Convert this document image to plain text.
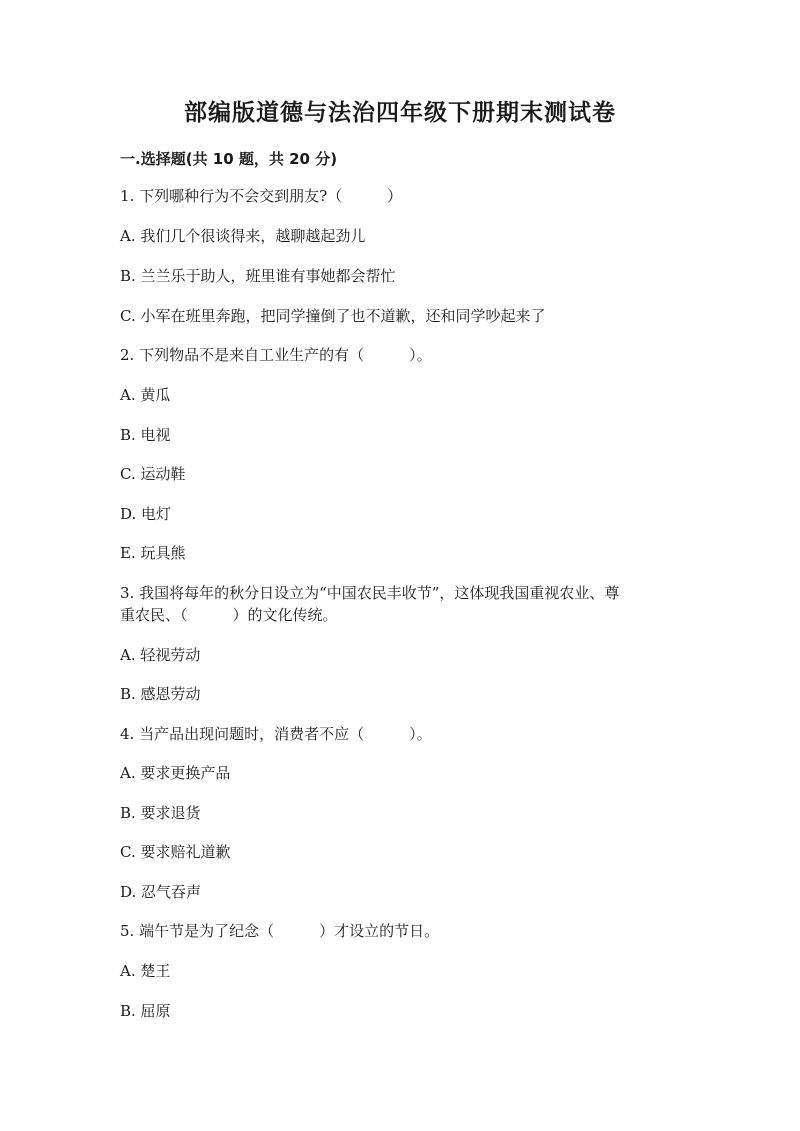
部编版道德与法治四年级下册期末测试卷
一.选择题(共 10 题，共 20 分)
1. 下列哪种行为不会交到朋友?（　　　）
A. 我们几个很谈得来，越聊越起劲儿
B. 兰兰乐于助人，班里谁有事她都会帮忙
C. 小军在班里奔跑，把同学撞倒了也不道歉，还和同学吵起来了
2. 下列物品不是来自工业生产的有（　　　）。
A. 黄瓜
B. 电视
C. 运动鞋
D. 电灯
E. 玩具熊
3. 我国将每年的秋分日设立为“中国农民丰收节”，这体现我国重视农业、尊
重农民、（　　　）的文化传统。
A. 轻视劳动
B. 感恩劳动
4. 当产品出现问题时，消费者不应（　　　）。
A. 要求更换产品
B. 要求退货
C. 要求赔礼道歉
D. 忍气吞声
5. 端午节是为了纪念（　　　）才设立的节日。
A. 楚王
B. 屈原
